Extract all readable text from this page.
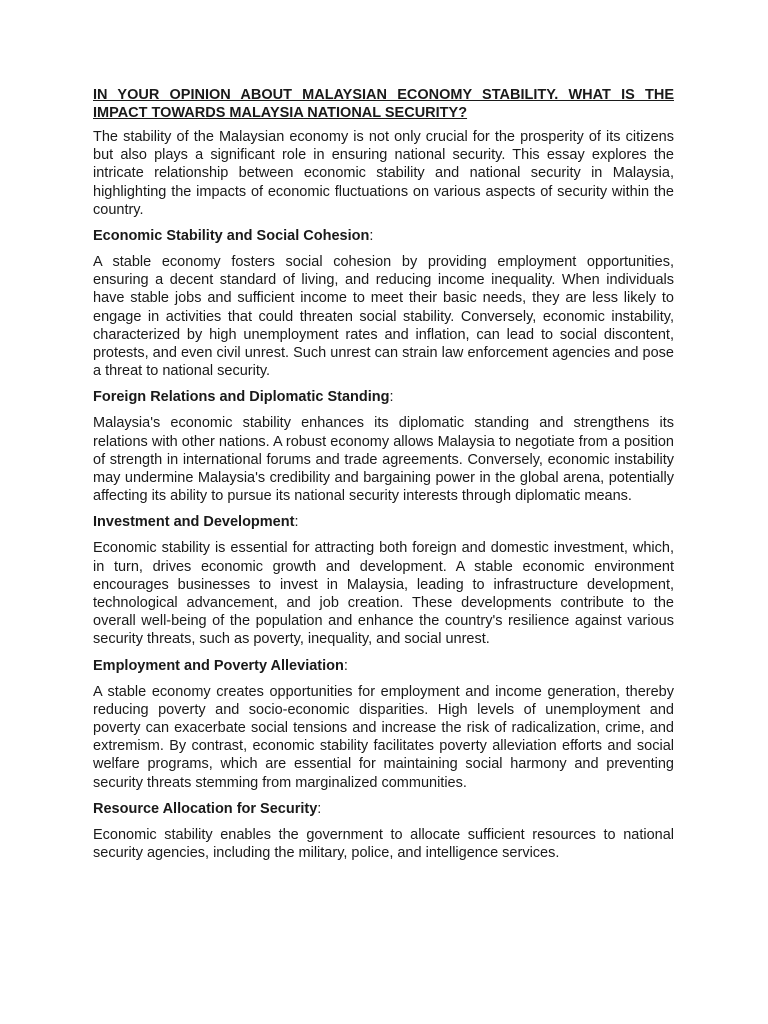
IN YOUR OPINION ABOUT MALAYSIAN ECONOMY STABILITY. WHAT IS THE IMPACT TOWARDS MALAYSIA NATIONAL SECURITY?

The stability of the Malaysian economy is not only crucial for the prosperity of its citizens but also plays a significant role in ensuring national security. This essay explores the intricate relationship between economic stability and national security in Malaysia, highlighting the impacts of economic fluctuations on various aspects of security within the country.

Economic Stability and Social Cohesion:

A stable economy fosters social cohesion by providing employment opportunities, ensuring a decent standard of living, and reducing income inequality. When individuals have stable jobs and sufficient income to meet their basic needs, they are less likely to engage in activities that could threaten social stability. Conversely, economic instability, characterized by high unemployment rates and inflation, can lead to social discontent, protests, and even civil unrest. Such unrest can strain law enforcement agencies and pose a threat to national security.

Foreign Relations and Diplomatic Standing:

Malaysia's economic stability enhances its diplomatic standing and strengthens its relations with other nations. A robust economy allows Malaysia to negotiate from a position of strength in international forums and trade agreements. Conversely, economic instability may undermine Malaysia's credibility and bargaining power in the global arena, potentially affecting its ability to pursue its national security interests through diplomatic means.

Investment and Development:

Economic stability is essential for attracting both foreign and domestic investment, which, in turn, drives economic growth and development. A stable economic environment encourages businesses to invest in Malaysia, leading to infrastructure development, technological advancement, and job creation. These developments contribute to the overall well-being of the population and enhance the country's resilience against various security threats, such as poverty, inequality, and social unrest.

Employment and Poverty Alleviation:

A stable economy creates opportunities for employment and income generation, thereby reducing poverty and socio-economic disparities. High levels of unemployment and poverty can exacerbate social tensions and increase the risk of radicalization, crime, and extremism. By contrast, economic stability facilitates poverty alleviation efforts and social welfare programs, which are essential for maintaining social harmony and preventing security threats stemming from marginalized communities.

Resource Allocation for Security:

Economic stability enables the government to allocate sufficient resources to national security agencies, including the military, police, and intelligence services.
